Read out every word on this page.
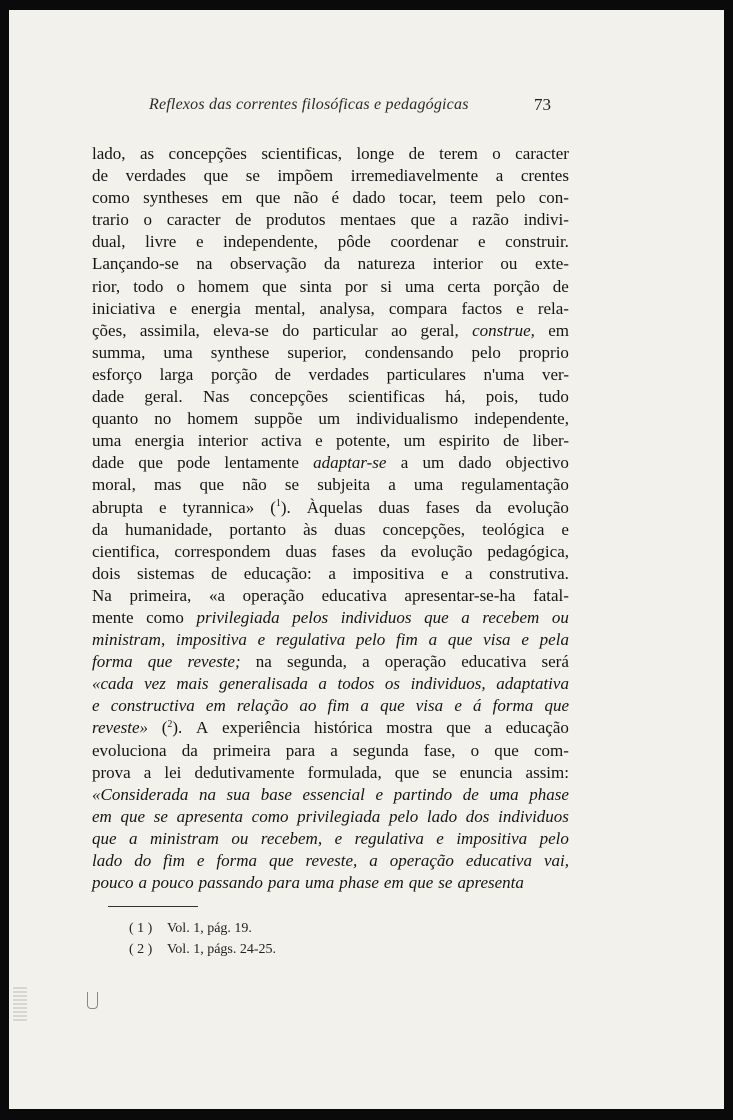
Reflexos das correntes filosóficas e pedagógicas	73
lado, as concepções scientificas, longe de terem o caracter
de verdades que se impõem irremediavelmente a crentes
como syntheses em que não é dado tocar, teem pelo con-
trario o caracter de produtos mentaes que a razão indivi-
dual, livre e independente, pôde coordenar e construir.
Lançando-se na observação da natureza interior ou exte-
rior, todo o homem que sinta por si uma certa porção de
iniciativa e energia mental, analysa, compara factos e rela-
ções, assimila, eleva-se do particular ao geral, construe, em
summa, uma synthese superior, condensando pelo proprio
esforço larga porção de verdades particulares n'uma ver-
dade geral. Nas concepções scientificas há, pois, tudo
quanto no homem suppõe um individualismo independente,
uma energia interior activa e potente, um espirito de liber-
dade que pode lentamente adaptar-se a um dado objectivo
moral, mas que não se subjeita a uma regulamentação
abrupta e tyrannica» (1). Àquelas duas fases da evolução
da humanidade, portanto às duas concepções, teológica e
cientifica, correspondem duas fases da evolução pedagógica,
dois sistemas de educação: a impositiva e a construtiva.
Na primeira, «a operação educativa apresentar-se-ha fatal-
mente como privilegiada pelos individuos que a recebem ou
ministram, impositiva e regulativa pelo fim a que visa e pela
forma que reveste; na segunda, a operação educativa será
«cada vez mais generalisada a todos os individuos, adaptativa
e constructiva em relação ao fim a que visa e á forma que
reveste» (2). A experiência histórica mostra que a educação
evoluciona da primeira para a segunda fase, o que com-
prova a lei dedutivamente formulada, que se enuncia assim:
«Considerada na sua base essencial e partindo de uma phase
em que se apresenta como privilegiada pelo lado dos individuos
que a ministram ou recebem, e regulativa e impositiva pelo
lado do fim e forma que reveste, a operação educativa vai,
pouco a pouco passando para uma phase em que se apresenta
( 1 ) Vol. 1, pág. 19.
( 2 ) Vol. 1, págs. 24-25.
